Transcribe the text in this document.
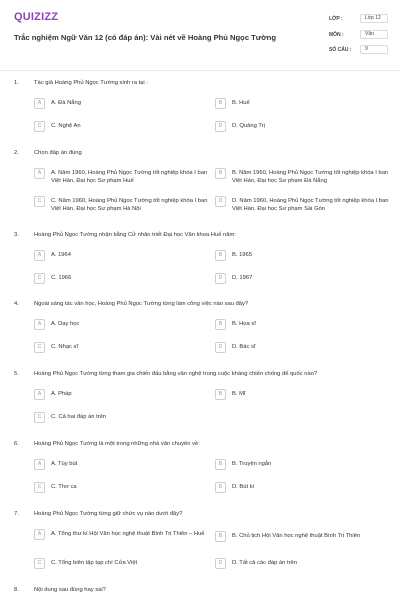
QUIZIZZ
Trắc nghiệm Ngữ Văn 12 (có đáp án): Vài nét về Hoàng Phủ Ngọc Tường
LỚP :	Lớp 12
MÔN :	Văn
SỐ CÂU :	9
1.	Tác giả Hoàng Phủ Ngọc Tường sinh ra tại :
A	A. Đà Nẵng	B	B. Huế
C	C. Nghệ An	D	D. Quảng Trị
2.	Chọn đáp án đúng
A	A. Năm 1960, Hoàng Phủ Ngọc Tường tốt nghiệp khóa I ban Việt Hán, Đại học Sư phạm Huế
B	B. Năm 1960, Hoàng Phủ Ngọc Tường tốt nghiệp khóa I ban Việt Hán, Đại học Sư phạm Đà Nẵng
C	C. Năm 1960, Hoàng Phủ Ngọc Tường tốt nghiệp khóa I ban Việt Hán, Đại học Sư phạm Hà Nội
D	D. Năm 1960, Hoàng Phủ Ngọc Tường tốt nghiệp khóa I ban Việt Hán, Đại học Sư phạm Sài Gòn
3.	Hoàng Phủ Ngọc Tường nhận bằng Cử nhân triết Đại học Văn khoa Huế năm:
A	A. 1964	B	B. 1965
C	C. 1966	D	D. 1967
4.	Ngoài sáng tác văn học, Hoàng Phủ Ngọc Tường từng làm công việc nào sau đây?
A	A. Dạy học	B	B. Họa sĩ
C	C. Nhạc sĩ	D	D. Bác sĩ
5.	Hoàng Phủ Ngọc Tường từng tham gia chiến đấu bằng văn nghệ trong cuộc kháng chiến chống đế quốc nào?
A	A. Pháp	B	B. Mĩ
C	C. Cả hai đáp án trên
6.	Hoàng Phủ Ngọc Tường là một trong những nhà văn chuyên về:
A	A. Tùy bút	B	B. Truyện ngắn
C	C. Thơ ca	D	D. Bút kí
7.	Hoàng Phủ Ngọc Tường từng giữ chức vụ nào dưới đây?
A	A. Tổng thư kí Hội Văn học nghệ thuật Bình Trị Thiên – Huế	B	B. Chủ tịch Hội Văn học nghệ thuật Bình Trị Thiên
C	C. Tổng biên tập tạp chí Cửa Việt	D	D. Tất cả các đáp án trên
8.	Nội dung sau đúng hay sai?
